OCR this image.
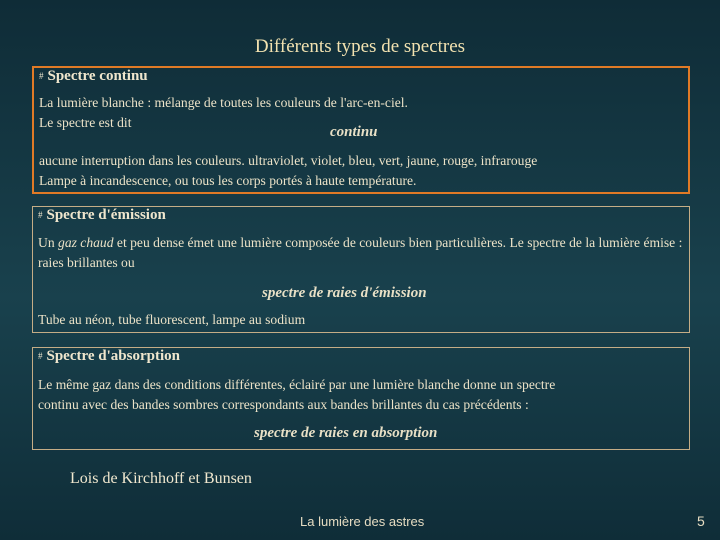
Différents types de spectres
# Spectre continu
La lumière blanche : mélange de toutes les couleurs de l'arc-en-ciel.
Le spectre est dit
continu
aucune interruption dans les couleurs. ultraviolet, violet, bleu, vert, jaune, rouge, infrarouge
Lampe à incandescence, ou tous les corps portés à haute température.
# Spectre d'émission
Un gaz chaud et peu dense émet une lumière composée de couleurs bien particulières. Le spectre de la lumière émise : raies brillantes ou
spectre de raies d'émission
Tube au néon, tube fluorescent, lampe au sodium
# Spectre d'absorption
Le même gaz dans des conditions différentes, éclairé par une lumière blanche donne un spectre
continu avec des bandes sombres correspondants aux bandes brillantes du cas précédents :
spectre de raies en absorption
Lois de Kirchhoff et Bunsen
La lumière des astres	5
